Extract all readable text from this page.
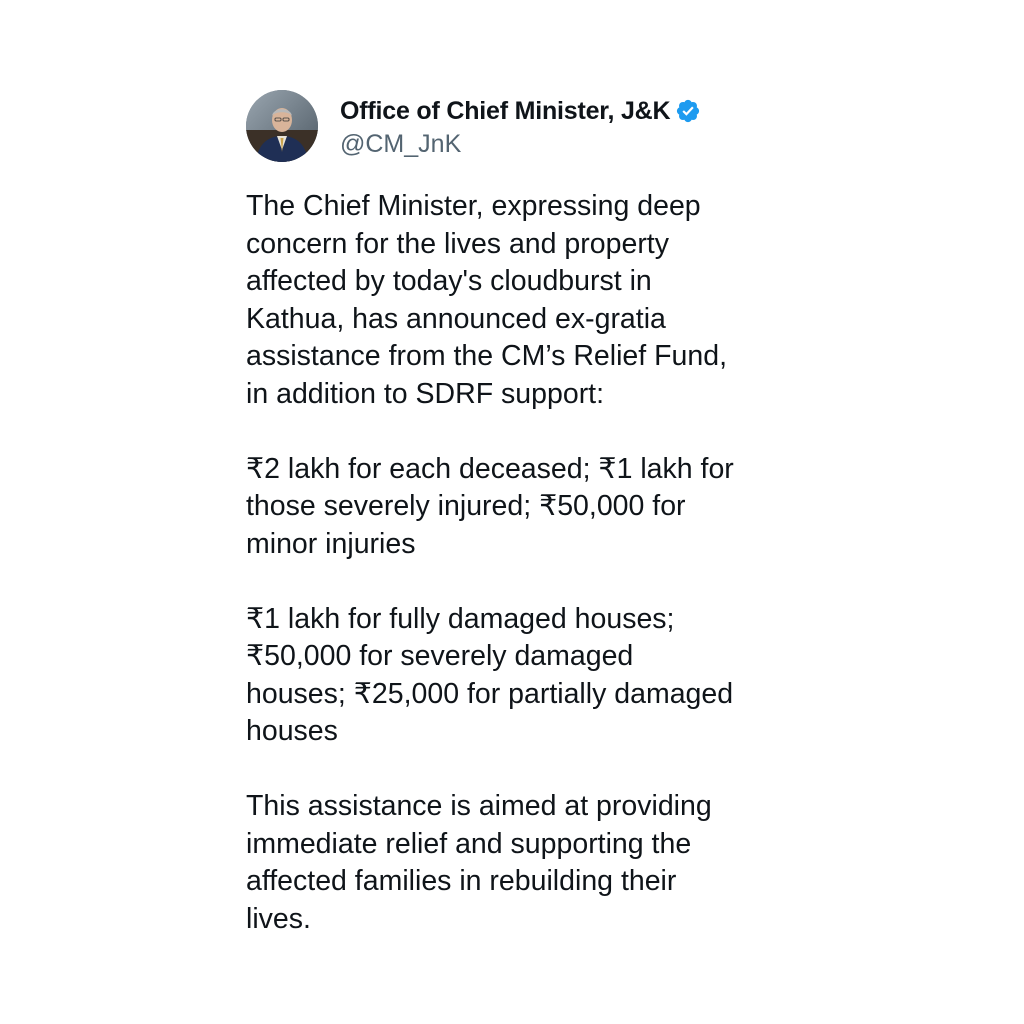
Office of Chief Minister, J&K
@CM_JnK

The Chief Minister, expressing deep
concern for the lives and property
affected by today's cloudburst in
Kathua, has announced ex-gratia
assistance from the CM’s Relief Fund,
in addition to SDRF support:

₹2 lakh for each deceased; ₹1 lakh for
those severely injured; ₹50,000 for
minor injuries

₹1 lakh for fully damaged houses;
₹50,000 for severely damaged
houses; ₹25,000 for partially damaged
houses

This assistance is aimed at providing
immediate relief and supporting the
affected families in rebuilding their
lives.
